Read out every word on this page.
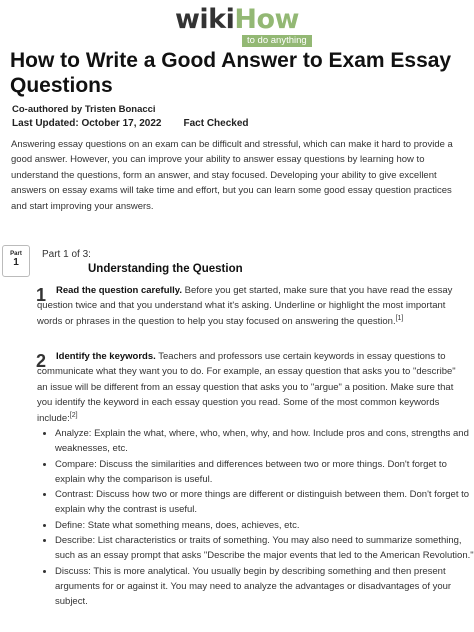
wikiHow
to do anything
How to Write a Good Answer to Exam Essay Questions
Co-authored by Tristen Bonacci
Last Updated: October 17, 2022 Fact Checked

Answering essay questions on an exam can be difficult and stressful, which can make it hard to provide a good answer. However, you can improve your ability to answer essay questions by learning how to understand the questions, form an answer, and stay focused. Developing your ability to give excellent answers on essay exams will take time and effort, but you can learn some good essay question practices and start improving your answers.

Part
1
Part 1 of 3:
Understanding the Question
1	Read the question carefully. Before you get started, make sure that you have read the essay question twice and that you understand what it's asking. Underline or highlight the most important words or phrases in the question to help you stay focused on answering the question.[1]

2	Identify the keywords. Teachers and professors use certain keywords in essay questions to communicate what they want you to do. For example, an essay question that asks you to "describe" an issue will be different from an essay question that asks you to "argue" a position. Make sure that you identify the keyword in each essay question you read. Some of the most common keywords include:[2]

• Analyze: Explain the what, where, who, when, why, and how. Include pros and cons, strengths and weaknesses, etc.
• Compare: Discuss the similarities and differences between two or more things. Don't forget to explain why the comparison is useful.
• Contrast: Discuss how two or more things are different or distinguish between them. Don't forget to explain why the contrast is useful.
• Define: State what something means, does, achieves, etc.
• Describe: List characteristics or traits of something. You may also need to summarize something, such as an essay prompt that asks "Describe the major events that led to the American Revolution."
• Discuss: This is more analytical. You usually begin by describing something and then present arguments for or against it. You may need to analyze the advantages or disadvantages of your subject.
